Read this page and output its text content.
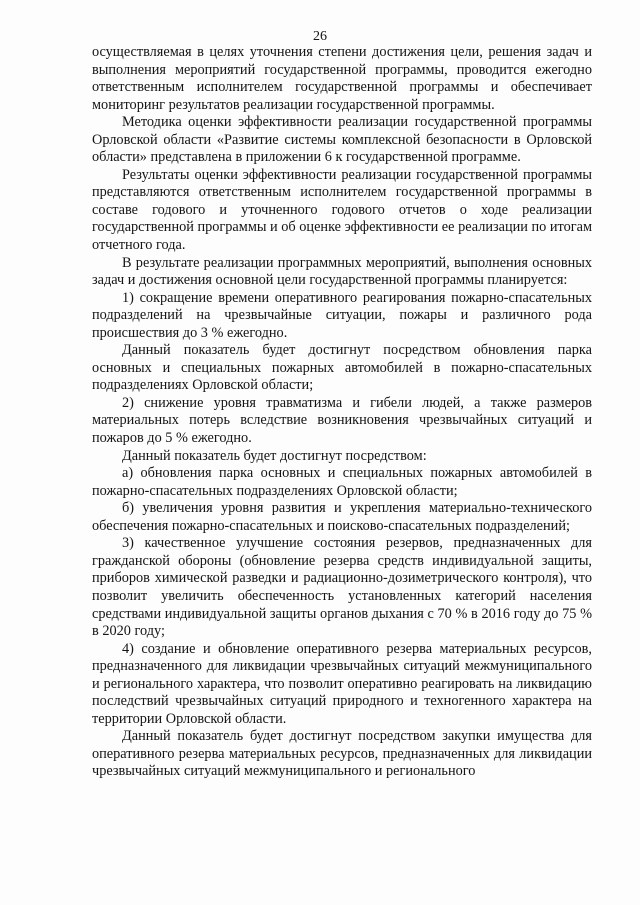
26

осуществляемая в целях уточнения степени достижения цели, решения задач и выполнения мероприятий государственной программы, проводится ежегодно ответственным исполнителем государственной программы и обеспечивает мониторинг результатов реализации государственной программы.

Методика оценки эффективности реализации государственной программы Орловской области «Развитие системы комплексной безопасности в Орловской области» представлена в приложении 6 к государственной программе.

Результаты оценки эффективности реализации государственной программы представляются ответственным исполнителем государственной программы в составе годового и уточненного годового отчетов о ходе реализации государственной программы и об оценке эффективности ее реализации по итогам отчетного года.

В результате реализации программных мероприятий, выполнения основных задач и достижения основной цели государственной программы планируется:

1) сокращение времени оперативного реагирования пожарно-спасательных подразделений на чрезвычайные ситуации, пожары и различного рода происшествия до 3 % ежегодно.

Данный показатель будет достигнут посредством обновления парка основных и специальных пожарных автомобилей в пожарно-спасательных подразделениях Орловской области;

2) снижение уровня травматизма и гибели людей, а также размеров материальных потерь вследствие возникновения чрезвычайных ситуаций и пожаров до 5 % ежегодно.

Данный показатель будет достигнут посредством:

а) обновления парка основных и специальных пожарных автомобилей в пожарно-спасательных подразделениях Орловской области;

б) увеличения уровня развития и укрепления материально-технического обеспечения пожарно-спасательных и поисково-спасательных подразделений;

3) качественное улучшение состояния резервов, предназначенных для гражданской обороны (обновление резерва средств индивидуальной защиты, приборов химической разведки и радиационно-дозиметрического контроля), что позволит увеличить обеспеченность установленных категорий населения средствами индивидуальной защиты органов дыхания с 70 % в 2016 году до 75 % в 2020 году;

4) создание и обновление оперативного резерва материальных ресурсов, предназначенного для ликвидации чрезвычайных ситуаций межмуниципального и регионального характера, что позволит оперативно реагировать на ликвидацию последствий чрезвычайных ситуаций природного и техногенного характера на территории Орловской области.

Данный показатель будет достигнут посредством закупки имущества для оперативного резерва материальных ресурсов, предназначенных для ликвидации чрезвычайных ситуаций межмуниципального и регионального
